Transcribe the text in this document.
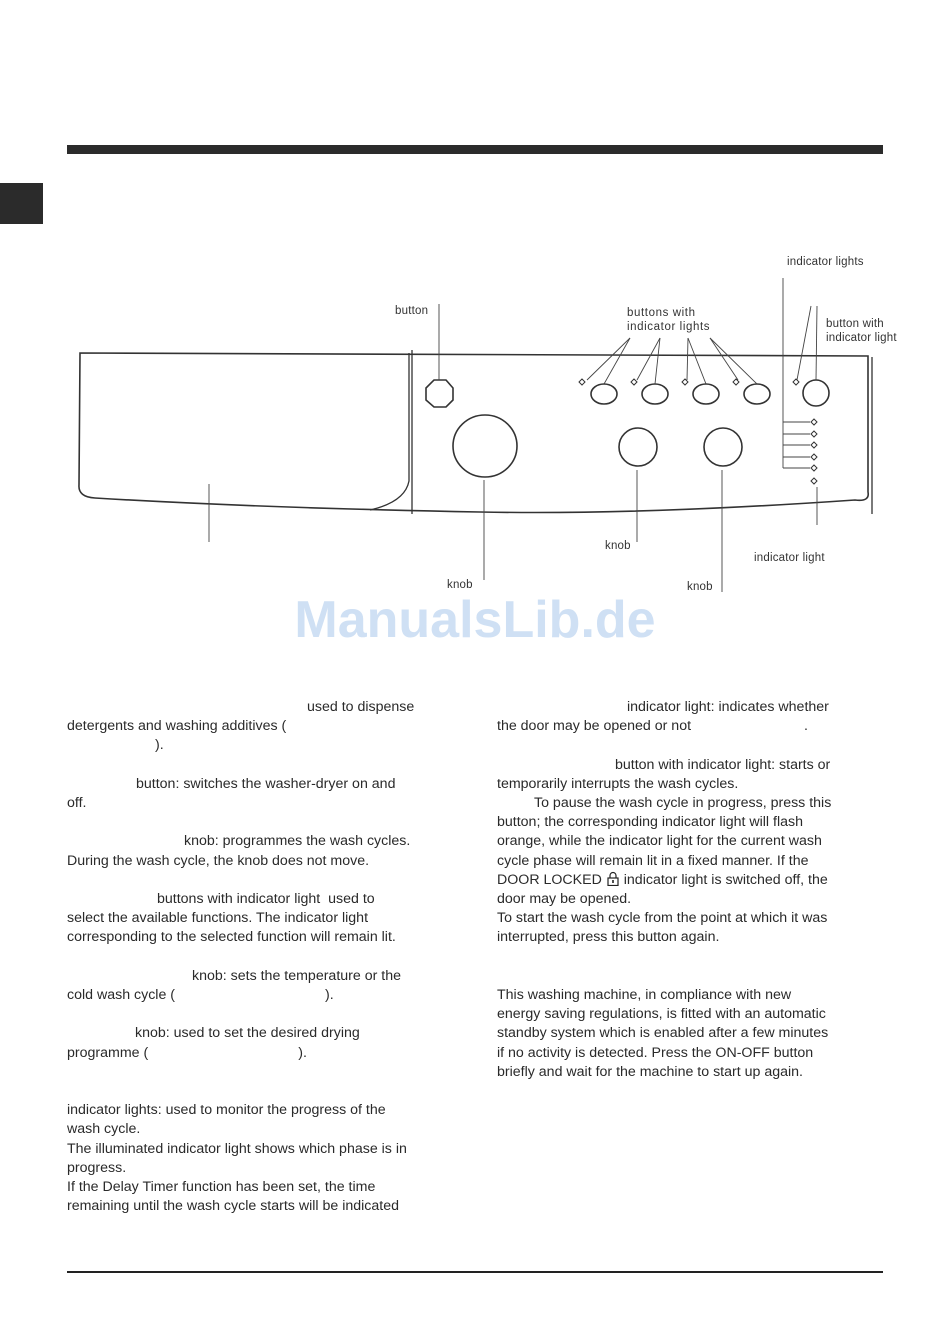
indicator lights
button	buttons with
indicator lights	button with
indicator light
knob
indicator light
knob	knob
ManualsLib.de

used to dispense

detergents and washing additives (

).

button: switches the washer-dryer on and

off.

knob: programmes the wash cycles.

During the wash cycle, the knob does not move.

buttons with indicator light  used to

select the available functions. The indicator light

corresponding to the selected function will remain lit.

knob: sets the temperature or the

cold wash cycle (	).

knob: used to set the desired drying

programme (	).

indicator lights: used to monitor the progress of the

wash cycle.

The illuminated indicator light shows which phase is in

progress.

If the Delay Timer function has been set, the time

remaining until the wash cycle starts will be indicated

indicator light: indicates whether

the door may be opened or not	.

button with indicator light: starts or

temporarily interrupts the wash cycles.

To pause the wash cycle in progress, press this

button; the corresponding indicator light will flash

orange, while the indicator light for the current wash

cycle phase will remain lit in a fixed manner. If the

DOOR LOCKED indicator light is switched off, the

door may be opened.

To start the wash cycle from the point at which it was

interrupted, press this button again.

This washing machine, in compliance with new

energy saving regulations, is fitted with an automatic

standby system which is enabled after a few minutes

if no activity is detected. Press the ON-OFF button

briefly and wait for the machine to start up again.
